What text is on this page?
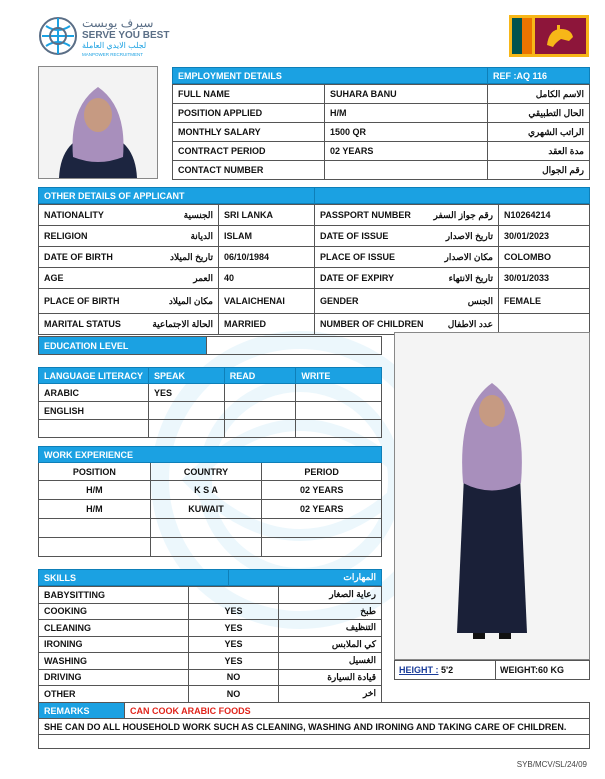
سيرف يوبست
SERVE YOU BEST
لجلب الايدي العاملة
MANPOWER RECRUITMENT
EMPLOYMENT DETAILS	REF :AQ 116
FULL NAME	SUHARA BANU	الاسم الكامل
POSITION APPLIED	H/M	الحال التطبيقي
MONTHLY SALARY	1500 QR	الراتب الشهري
CONTRACT PERIOD	02 YEARS	مدة العقد
CONTACT NUMBER		رقم الجوال
OTHER DETAILS OF APPLICANT	
NATIONALITY الجنسية	SRI LANKA	PASSPORT NUMBER رقم جواز السفر	N10264214

RELIGION الديانة	ISLAM	DATE OF ISSUE تاريخ الاصدار	30/01/2023

DATE OF BIRTH تاريخ الميلاد	06/10/1984	PLACE OF ISSUE مكان الاصدار	COLOMBO

AGE العمر	40	DATE OF EXPIRY تاريخ الانتهاء	30/01/2033

PLACE OF BIRTH مكان الميلاد	VALAICHENAI	GENDER الجنس	FEMALE

MARITAL STATUS الحالة الاجتماعية	MARRIED	NUMBER OF CHILDREN عدد الاطفال	

EDUCATION LEVEL	
LANGUAGE LITERACY	SPEAK	READ	WRITE
ARABIC	YES		
ENGLISH			

WORK EXPERIENCE		
POSITION	COUNTRY	PERIOD
H/M	K S A	02 YEARS
H/M	KUWAIT	02 YEARS

SKILLS	المهارات
BABYSITTING		رعاية الصغار
COOKING	YES	طبخ
CLEANING	YES	التنظيف
IRONING	YES	كي الملابس
WASHING	YES	الغسيل
DRIVING	NO	قيادة السيارة
OTHER	NO	اخر
HEIGHT : 5'2	WEIGHT:60 KG
REMARKS	CAN COOK ARABIC FOODS
SHE CAN DO ALL HOUSEHOLD WORK SUCH AS CLEANING, WASHING AND IRONING AND TAKING CARE OF CHILDREN.

SYB/MCV/SL/24/09
